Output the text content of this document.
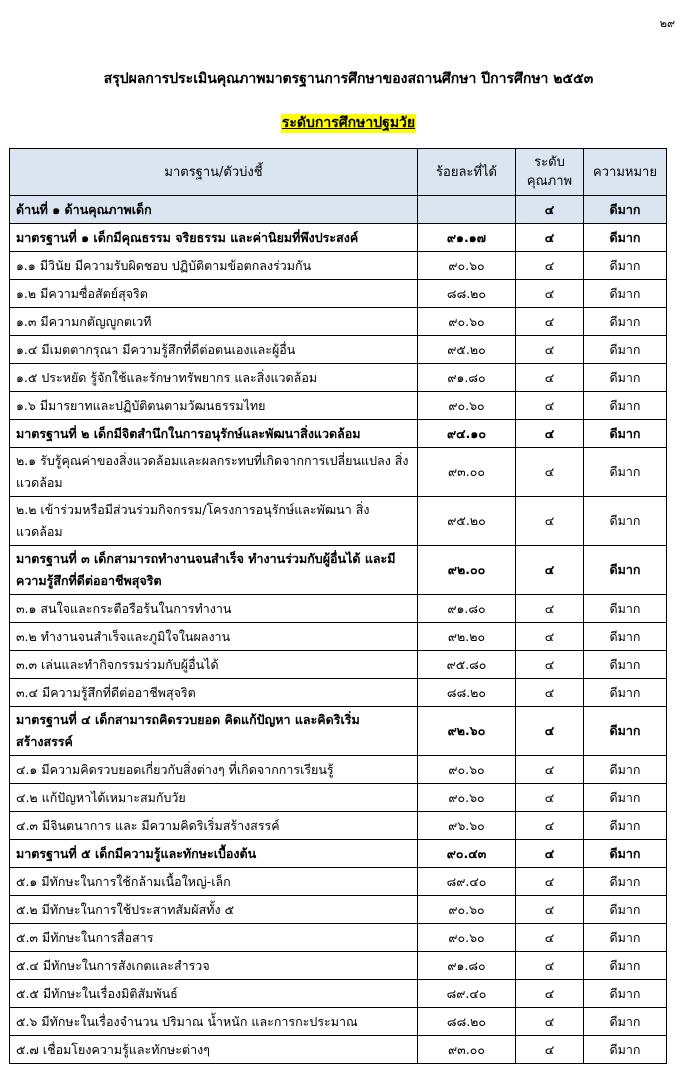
๒๙
สรุปผลการประเมินคุณภาพมาตรฐานการศึกษาของสถานศึกษา ปีการศึกษา ๒๕๕๓
ระดับการศึกษาปฐมวัย
มาตรฐาน/ตัวบ่งชี้	ร้อยละที่ได้	ระดับ คุณภาพ	ความหมาย
ด้านที่ ๑ ด้านคุณภาพเด็ก		๔	ดีมาก
มาตรฐานที่ ๑ เด็กมีคุณธรรม จริยธรรม และค่านิยมที่พึงประสงค์	๙๑.๑๗	๔	ดีมาก
๑.๑ มีวินัย มีความรับผิดชอบ ปฏิบัติตามข้อตกลงร่วมกัน	๙๐.๖๐	๔	ดีมาก
๑.๒ มีความซื่อสัตย์สุจริต	๘๘.๒๐	๔	ดีมาก
๑.๓ มีความกตัญญูกตเวที	๙๐.๖๐	๔	ดีมาก
๑.๔ มีเมตตากรุณา มีความรู้สึกที่ดีต่อตนเองและผู้อื่น	๙๕.๒๐	๔	ดีมาก
๑.๕ ประหยัด รู้จักใช้และรักษาทรัพยากร และสิ่งแวดล้อม	๙๑.๘๐	๔	ดีมาก
๑.๖ มีมารยาทและปฏิบัติตนตามวัฒนธรรมไทย	๙๐.๖๐	๔	ดีมาก
มาตรฐานที่ ๒ เด็กมีจิตสำนึกในการอนุรักษ์และพัฒนาสิ่งแวดล้อม	๙๔.๑๐	๔	ดีมาก
๒.๑ รับรู้คุณค่าของสิ่งแวดล้อมและผลกระทบที่เกิดจากการเปลี่ยนแปลง สิ่งแวดล้อม	๙๓.๐๐	๔	ดีมาก
๒.๒ เข้าร่วมหรือมีส่วนร่วมกิจกรรม/โครงการอนุรักษ์และพัฒนา สิ่งแวดล้อม	๙๕.๒๐	๔	ดีมาก
มาตรฐานที่ ๓ เด็กสามารถทำงานจนสำเร็จ ทำงานร่วมกับผู้อื่นได้ และมีความรู้สึกที่ดีต่ออาชีพสุจริต	๙๒.๐๐	๔	ดีมาก
๓.๑ สนใจและกระตือรือร้นในการทำงาน	๙๑.๘๐	๔	ดีมาก
๓.๒ ทำงานจนสำเร็จและภูมิใจในผลงาน	๙๒.๒๐	๔	ดีมาก
๓.๓ เล่นและทำกิจกรรมร่วมกับผู้อื่นได้	๙๕.๘๐	๔	ดีมาก
๓.๔ มีความรู้สึกที่ดีต่ออาชีพสุจริต	๘๘.๒๐	๔	ดีมาก
มาตรฐานที่ ๔ เด็กสามารถคิดรวบยอด คิดแก้ปัญหา และคิดริเริ่ม สร้างสรรค์	๙๒.๖๐	๔	ดีมาก
๔.๑ มีความคิดรวบยอดเกี่ยวกับสิ่งต่างๆ ที่เกิดจากการเรียนรู้	๙๐.๖๐	๔	ดีมาก
๔.๒ แก้ปัญหาได้เหมาะสมกับวัย	๙๐.๖๐	๔	ดีมาก
๔.๓ มีจินตนาการ และ มีความคิดริเริ่มสร้างสรรค์	๙๖.๖๐	๔	ดีมาก
มาตรฐานที่ ๕ เด็กมีความรู้และทักษะเบื้องต้น	๙๐.๔๓	๔	ดีมาก
๕.๑ มีทักษะในการใช้กล้ามเนื้อใหญ่-เล็ก	๘๙.๔๐	๔	ดีมาก
๕.๒ มีทักษะในการใช้ประสาทสัมผัสทั้ง ๕	๙๐.๖๐	๔	ดีมาก
๕.๓ มีทักษะในการสื่อสาร	๙๐.๖๐	๔	ดีมาก
๕.๔ มีทักษะในการสังเกตและสำรวจ	๙๑.๘๐	๔	ดีมาก
๕.๕ มีทักษะในเรื่องมิติสัมพันธ์	๘๙.๔๐	๔	ดีมาก
๕.๖ มีทักษะในเรื่องจำนวน ปริมาณ น้ำหนัก และการกะประมาณ	๘๘.๒๐	๔	ดีมาก
๕.๗ เชื่อมโยงความรู้และทักษะต่างๆ	๙๓.๐๐	๔	ดีมาก
